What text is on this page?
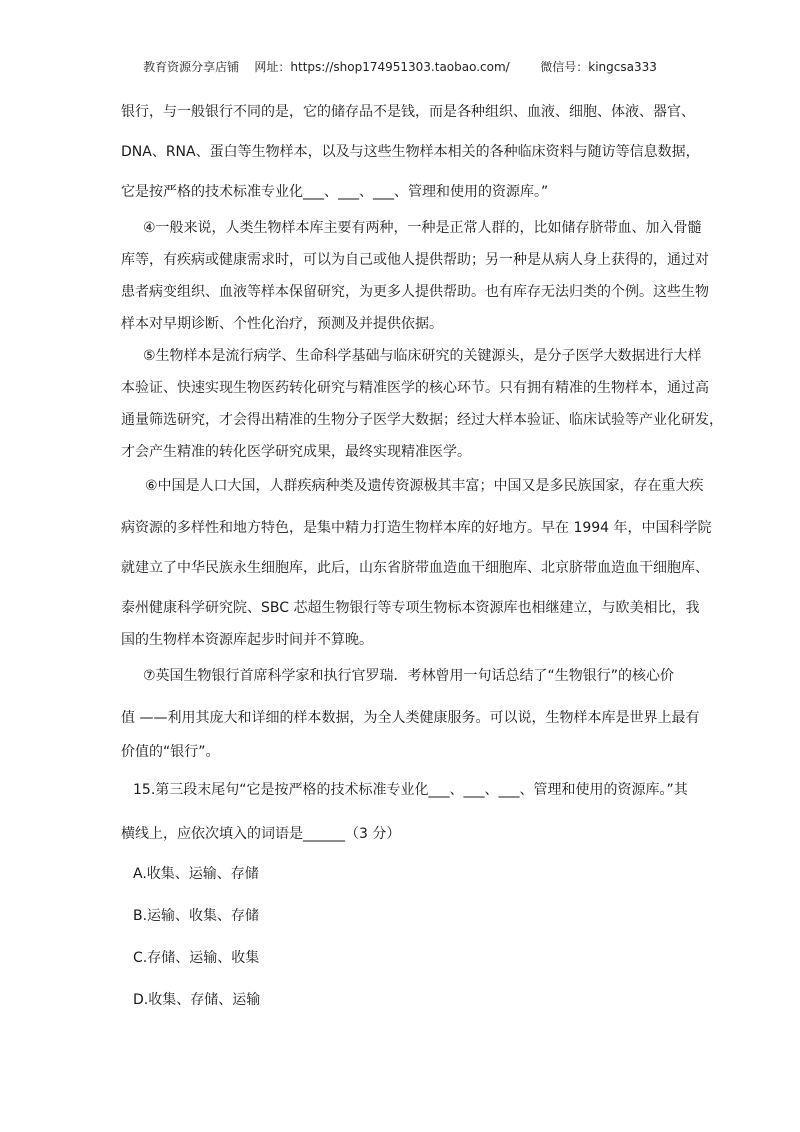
教育资源分享店铺    网址：https://shop174951303.taobao.com/        微信号：kingcsa333
银行，与一般银行不同的是，它的储存品不是钱，而是各种组织、血液、细胞、体液、器官、
DNA、RNA、蛋白等生物样本，以及与这些生物样本相关的各种临床资料与随访等信息数据，
它是按严格的技术标准专业化___、___、___、管理和使用的资源库。”
④一般来说，人类生物样本库主要有两种，一种是正常人群的，比如储存脐带血、加入骨髓
库等，有疾病或健康需求时，可以为自己或他人提供帮助；另一种是从病人身上获得的，通过对
患者病变组织、血液等样本保留研究，为更多人提供帮助。也有库存无法归类的个例。这些生物
样本对早期诊断、个性化治疗，预测及并提供依据。
⑤生物样本是流行病学、生命科学基础与临床研究的关键源头，是分子医学大数据进行大样
本验证、快速实现生物医药转化研究与精准医学的核心环节。只有拥有精准的生物样本，通过高
通量筛选研究，才会得出精准的生物分子医学大数据；经过大样本验证、临床试验等产业化研发，
才会产生精准的转化医学研究成果，最终实现精准医学。
⑥中国是人口大国，人群疾病种类及遗传资源极其丰富；中国又是多民族国家，存在重大疾
病资源的多样性和地方特色，是集中精力打造生物样本库的好地方。早在 1994 年，中国科学院
就建立了中华民族永生细胞库，此后，山东省脐带血造血干细胞库、北京脐带血造血干细胞库、
泰州健康科学研究院、SBC 芯超生物银行等专项生物标本资源库也相继建立，与欧美相比，我
国的生物样本资源库起步时间并不算晚。
⑦英国生物银行首席科学家和执行官罗瑞．考林曾用一句话总结了“生物银行”的核心价
值 ——利用其庞大和详细的样本数据，为全人类健康服务。可以说，生物样本库是世界上最有
价值的“银行”。
15.第三段末尾句“它是按严格的技术标准专业化___、___、___、管理和使用的资源库。”其
横线上，应依次填入的词语是______（3 分）
A.收集、运输、存储
B.运输、收集、存储
C.存储、运输、收集
D.收集、存储、运输
